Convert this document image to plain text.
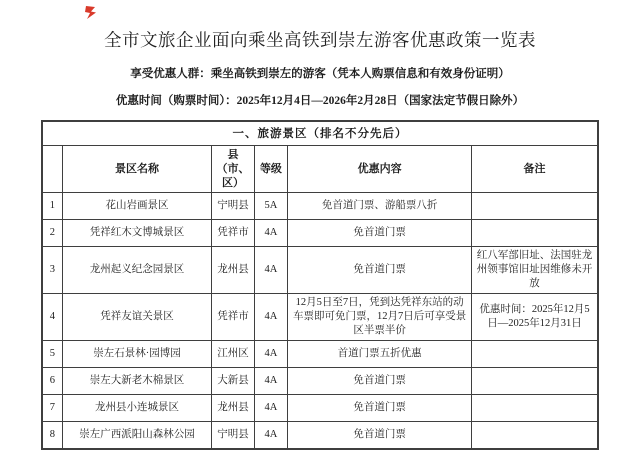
全市文旅企业面向乘坐高铁到崇左游客优惠政策一览表

享受优惠人群：乘坐高铁到崇左的游客（凭本人购票信息和有效身份证明）

优惠时间（购票时间）：2025年12月4日—2026年2月28日（国家法定节假日除外）

一、旅游景区（排名不分先后）					
	景区名称	县（市、区）	等级	优惠内容	备注
1	花山岩画景区	宁明县	5A	免首道门票、游船票八折	
2	凭祥红木文博城景区	凭祥市	4A	免首道门票	
3	龙州起义纪念园景区	龙州县	4A	免首道门票	红八军部旧址、法国驻龙州领事馆旧址因维修未开放
4	凭祥友谊关景区	凭祥市	4A	12月5日至7日，凭到达凭祥东站的动车票即可免门票，12月7日后可享受景区半票半价	优惠时间：2025年12月5日—2025年12月31日
5	崇左石景林·园博园	江州区	4A	首道门票五折优惠	
6	崇左大新老木棉景区	大新县	4A	免首道门票	
7	龙州县小连城景区	龙州县	4A	免首道门票	
8	崇左广西派阳山森林公园	宁明县	4A	免首道门票	
